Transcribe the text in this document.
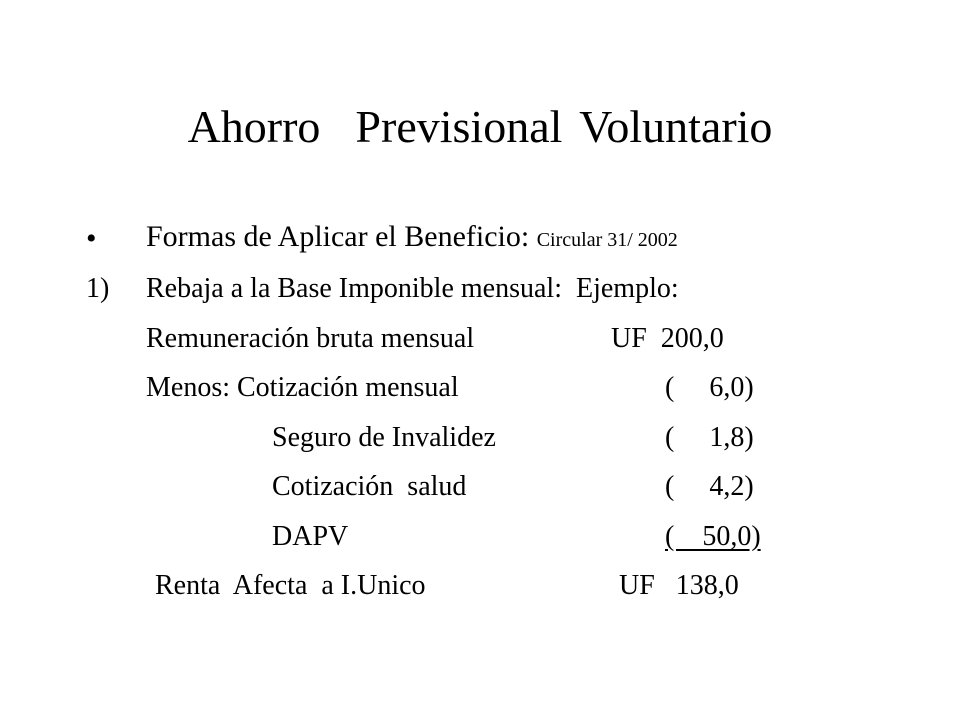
Ahorro  Previsional Voluntario
• Formas de Aplicar el Beneficio: Circular 31/ 2002
1) Rebaja a la Base Imponible mensual:  Ejemplo:
Remuneración bruta mensual	UF  200,0
Menos: Cotización mensual	(     6,0)
Seguro de Invalidez	(     1,8)
Cotización  salud	(     4,2)
DAPV	(    50,0)
Renta  Afecta  a I.Unico	UF   138,0
